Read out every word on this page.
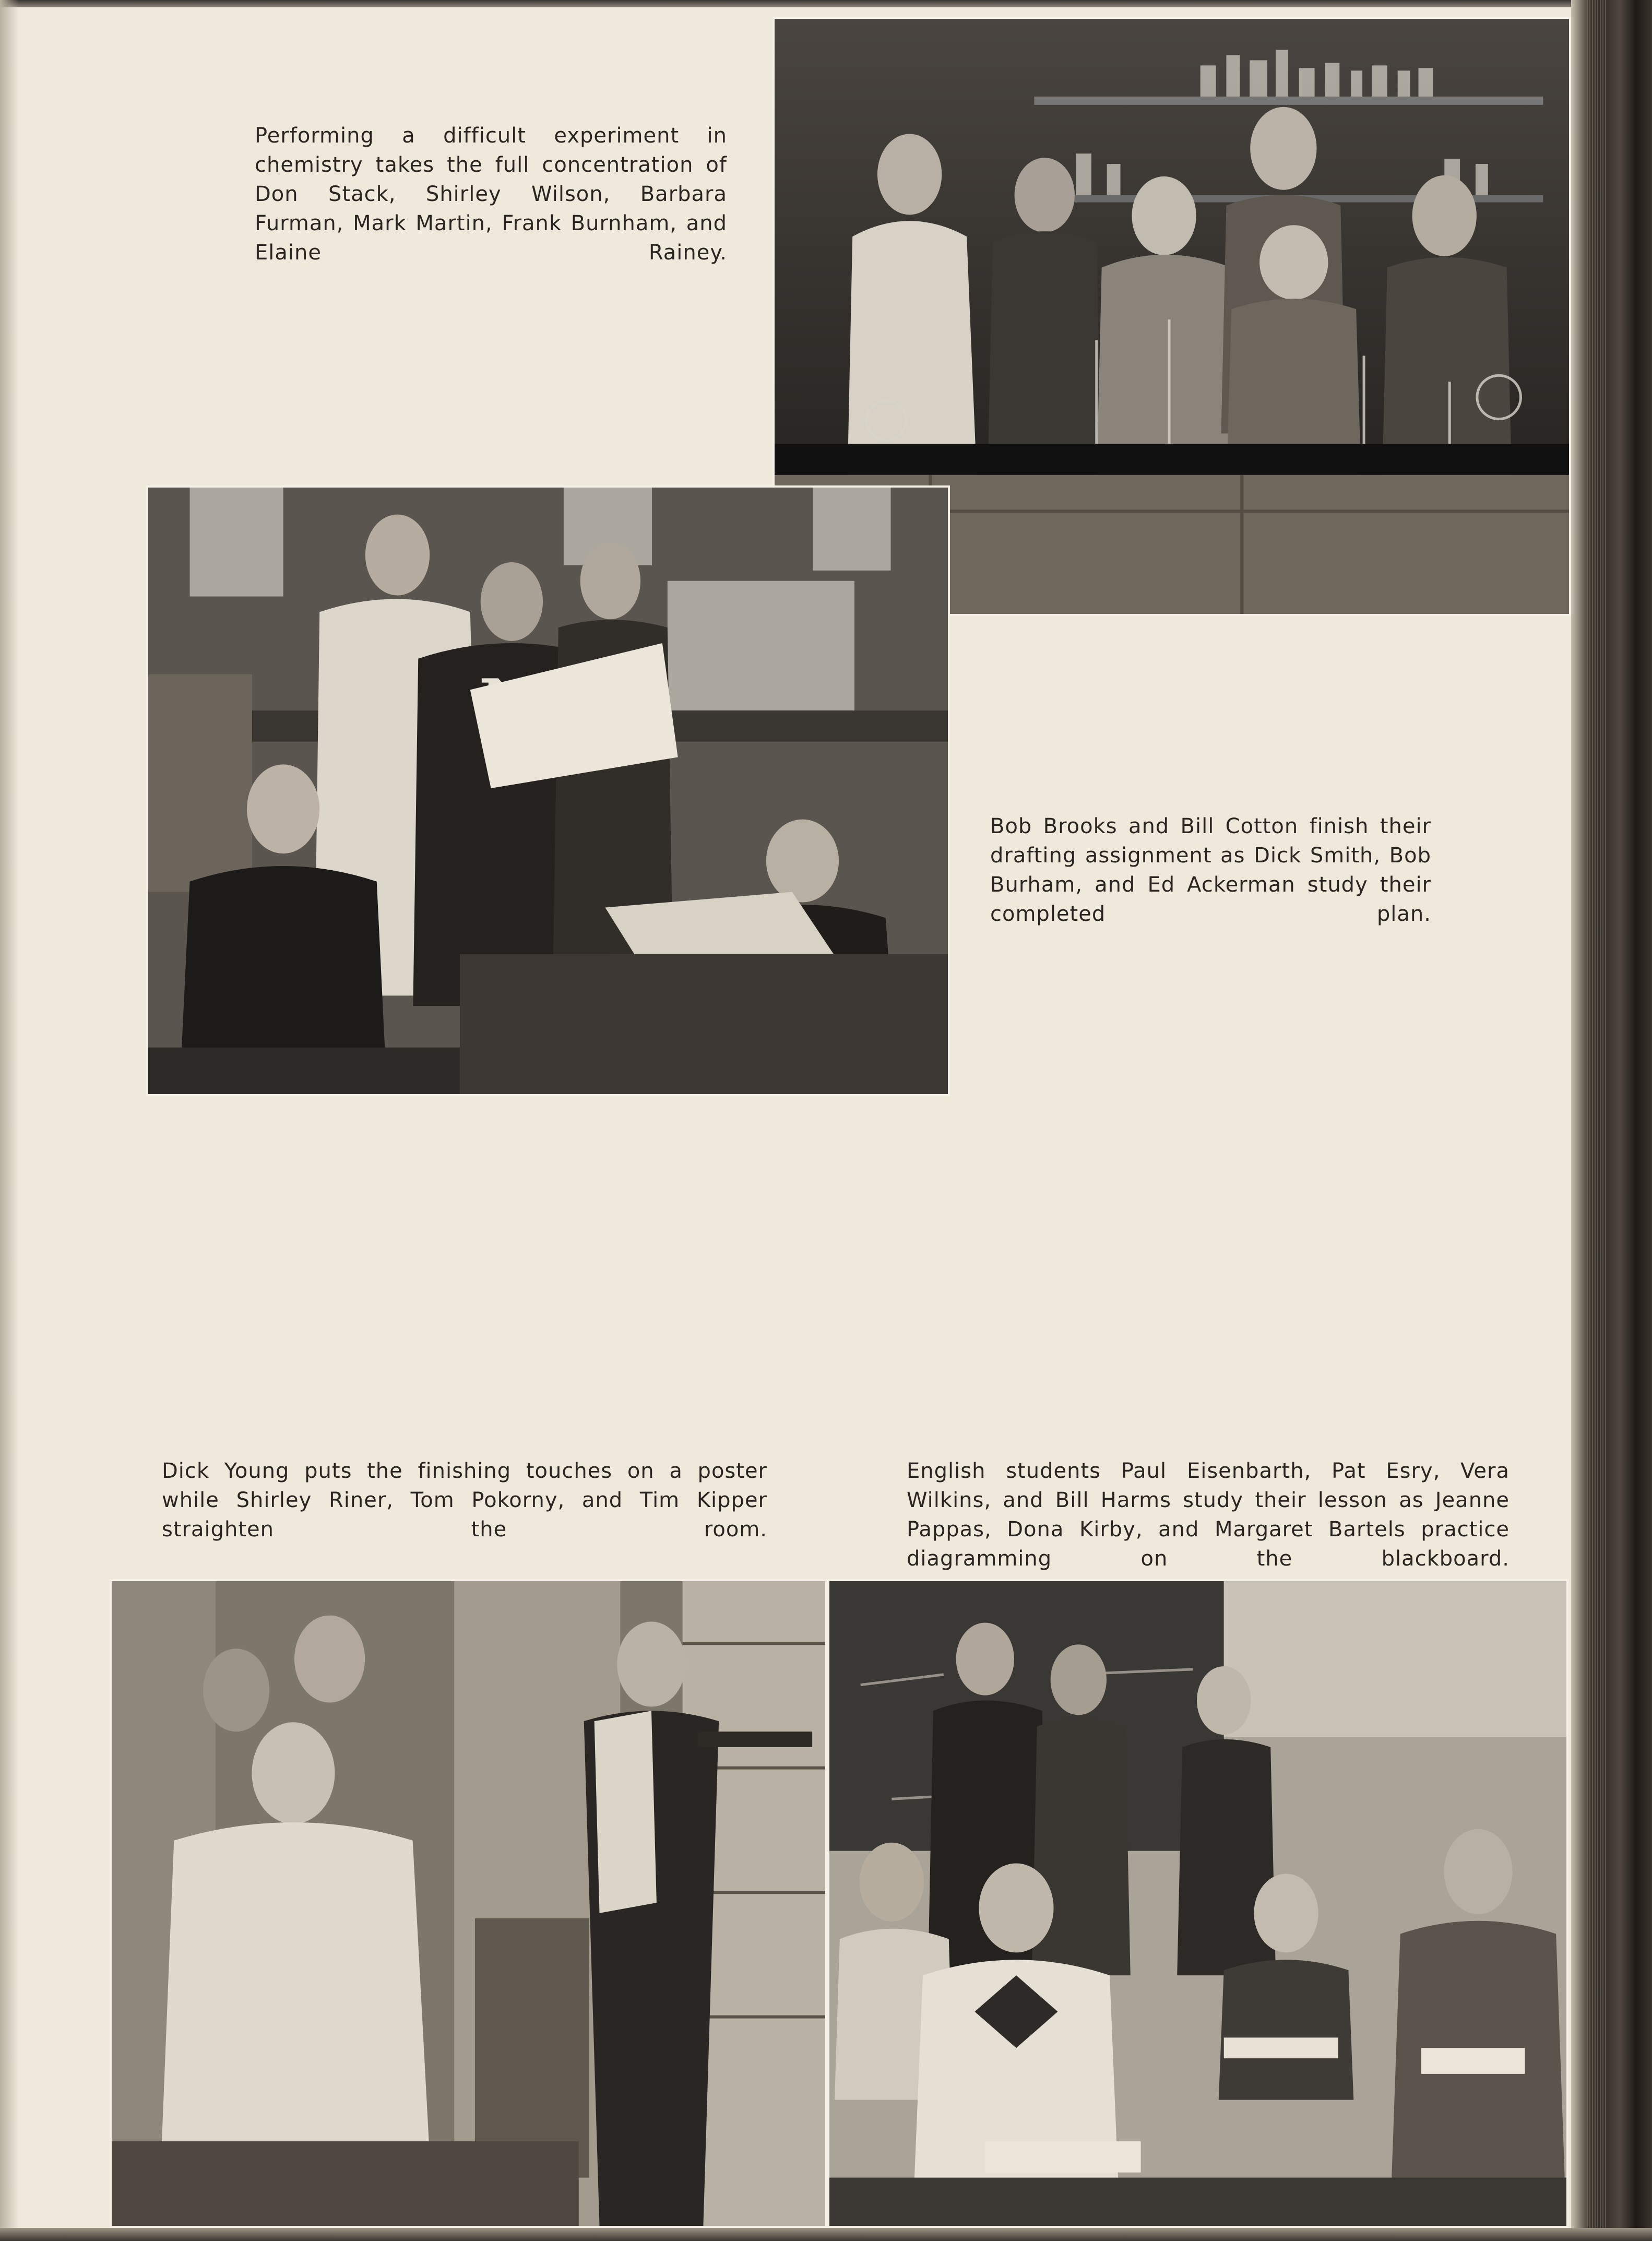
Performing a difficult experiment in chemistry takes the full concentration of Don Stack, Shirley Wilson, Barbara Furman, Mark Martin, Frank Burnham, and Elaine Rainey.
Bob Brooks and Bill Cotton finish their drafting assignment as Dick Smith, Bob Burham, and Ed Ackerman study their completed plan.
Dick Young puts the finishing touches on a poster while Shirley Riner, Tom Pokorny, and Tim Kipper straighten the room.
English students Paul Eisenbarth, Pat Esry, Vera Wilkins, and Bill Harms study their lesson as Jeanne Pappas, Dona Kirby, and Margaret Bartels practice diagramming on the blackboard.
